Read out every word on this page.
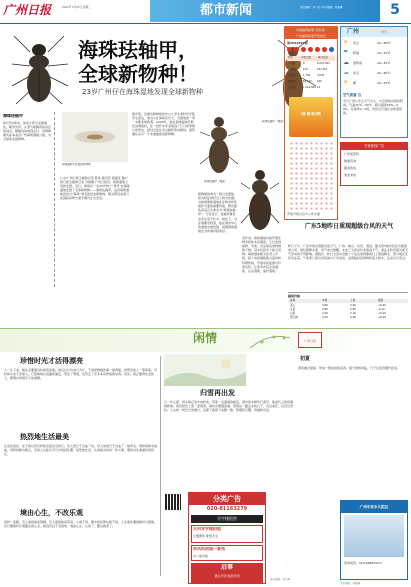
广州日报	2022年 5月25日 星期三	都市新闻	责任编辑：邓一思 / 美术编辑：林嘉琳	5
海珠珐轴甲，
全球新物种！
23岁广州仔在海珠湿地发现全球新物种
海珠珐轴甲（侧面）
海珠珐轴甲（腹面）
海珠珐轴甲
体长约4毫米。体表大部分呈黑褐色，略带光泽，头部与前胸背板具密集刻点，鞘翅具纵向刻点行。该物种模式标本采自广州海珠湿地公园，为全球新发现物种。
海珠湿地中发现的新物种
□文/广州日报全媒体记者 陈雨 通讯员 海湿宣 图/广州日报全媒体记者 苏韵桐 广州日报讯：海珠湿地又有新发现。近日，海珠区一名23岁的“广州仔”在海珠湿地发现了全球新物种——海珠珐轴甲。这是海珠湿地首次以“海珠”命名的昆虫新物种，相关研究成果已在国际动物分类学期刊正式发表。
据介绍，发现该物种的是中山大学生命科学学院学生邱良，他自小在海珠区长大，对湿地的一草一木都非常熟悉。2020年，他在海珠湿地开展昆虫调查时，在一段朽木中采集到了几只体形细小的甲虫，经过反复比对文献和形态解剖，最终确认其为一个未被描述的新物种。
新物种的命名一般以发现地、形态特征或纪念人物为依据。为体现海珠湿地在生物多样性保护方面的重要价值，研究团队将其正式命名为“海珠珐轴甲”。专家表示，珐轴甲属昆虫多生活于朽木、树皮下，对生境要求较高，能在城市中心的湿地中被发现，说明海珠湿地生态环境持续向好。
近年来，海珠湿地持续开展生物多样性本底调查，已记录到植物、鸟类、昆虫等各类物种数千种，其中包括多个新记录种。海珠湿地相关负责人介绍，接下来将继续联合高校和科研机构，开展系统监测与科普宣传，让更多市民走进湿地、认识湿地、保护湿地。
中国福利彩票“双色球”
广东福利彩票开奖信息
第2022059期
奖等	中奖注数	单注奖金
一等奖	8	6,231,564
二等奖	124	167,301
三等奖	1,762	3,000
四等奖	83,210 200
五等奖	1,542,006 10
体育彩票
开奖号码以官方公布为准
广州	今天
☀ 多云	22~30℃
☂ 阵雨	23~31℃
☁ 雷阵雨	24~32℃
☁ 多云	23~30℃
☀ 晴	24~33℃
空气质量 良
今日广州以多云天气为主，午后局地有短时阵雨，气温22℃~30℃，相对湿度60%~90%，东南风2~3级，市民出行请注意防雷防雨。
专家热线广告
广州某医院
健康咨询
服务热线
欢迎来电
广东5地昨日重现超级台风的天气
昨日下午，广东多地出现强对流天气，广州、佛山、东莞、清远、韶关等5地市先后出现雷雨大风、短时强降水等。省气象台提醒，未来三天我省仍多雷雨天气，请注意防范强对流天气带来的不利影响。据统计，昨日全省共有数十个站点录得暴雨以上级别降水，部分地区还伴有冰雹。气象部门建议市民减少户外活动，远离临时搭建物和高大树木，注意出行安全。
蔬菜价格
品种	本周	上周	涨跌
菜心	3.60	3.40	+0.20
生菜	2.80	2.90	-0.10
白菜	2.20	2.10	+0.10
西红柿	4.50	4.40	+0.10
闲情	广州日报
珍惜时光才活得漂亮
人一生下来，就注定要面对时间的流逝。我们总以为来日方长，于是把想做的事一拖再拖，把想见的人一等再等。可时间从来不会等人，它悄悄地从指缝间溜走，带走了青春，也带走了许多本该珍惜的东西。其实，真正懂得生活的人，都明白珍惜当下的道理。
热烈地生活最美
生活的美好，在于我们用怎样的态度去对待它。有人把日子过成了诗，有人却把日子过成了一地鸡毛。同样的柴米油盐，同样的朝九晚五，有的人总能从平凡中找到乐趣。热烈地生活，认真地对待每一件小事，便是对生命最好的回应。
境由心生，不改乐观
同样一条路，有人看到的是荆棘，有人看到的是风景。心境不同，眼中的世界也就不同。人生难免遇到挫折与困难，但只要保持乐观豁达的心态，就没有过不去的坎。境由心生，心宽了，路也就宽了。
归雪再出发
又一年立夏，风从珠江的方向吹来，带着一点湿润的暖意。窗外的木棉早已落尽，取而代之的是满树新绿。我在阳台上泡一壶清茶，看时光慢慢流淌。回想这一路走来的日子，有过迷茫，也有过坚持。人生如一场长长的旅行，走累了就停下来歇一歇，整理好行囊，再重新出发。
初夏
清风拂过窗前，带来一缕淡淡的花香。夏天悄悄来临，日子也变得漫长起来。
分类广告
020-81163279
写字楼租售
天河写字楼招租
交通便利 配套齐全
东风科创园一景苑
办公室出租
启事
遗失声明 特此声明
广州专家永久院区
咨询电话：020-8888XXXX
责任编辑：郑小静
美术编辑：林嘉琳
